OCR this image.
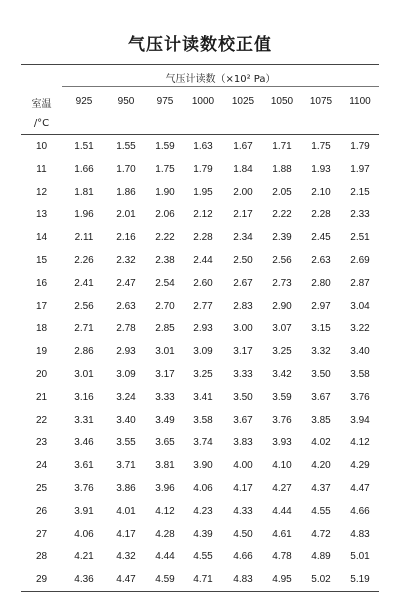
气压计读数校正值
气压计读数（×10² Pa）
室温
/°C
925	950	975	1000	1025	1050	1075	1100
10	1.51	1.55	1.59	1.63	1.67	1.71	1.75	1.79
11	1.66	1.70	1.75	1.79	1.84	1.88	1.93	1.97
12	1.81	1.86	1.90	1.95	2.00	2.05	2.10	2.15
13	1.96	2.01	2.06	2.12	2.17	2.22	2.28	2.33
14	2.11	2.16	2.22	2.28	2.34	2.39	2.45	2.51
15	2.26	2.32	2.38	2.44	2.50	2.56	2.63	2.69
16	2.41	2.47	2.54	2.60	2.67	2.73	2.80	2.87
17	2.56	2.63	2.70	2.77	2.83	2.90	2.97	3.04
18	2.71	2.78	2.85	2.93	3.00	3.07	3.15	3.22
19	2.86	2.93	3.01	3.09	3.17	3.25	3.32	3.40
20	3.01	3.09	3.17	3.25	3.33	3.42	3.50	3.58
21	3.16	3.24	3.33	3.41	3.50	3.59	3.67	3.76
22	3.31	3.40	3.49	3.58	3.67	3.76	3.85	3.94
23	3.46	3.55	3.65	3.74	3.83	3.93	4.02	4.12
24	3.61	3.71	3.81	3.90	4.00	4.10	4.20	4.29
25	3.76	3.86	3.96	4.06	4.17	4.27	4.37	4.47
26	3.91	4.01	4.12	4.23	4.33	4.44	4.55	4.66
27	4.06	4.17	4.28	4.39	4.50	4.61	4.72	4.83
28	4.21	4.32	4.44	4.55	4.66	4.78	4.89	5.01
29	4.36	4.47	4.59	4.71	4.83	4.95	5.02	5.19
